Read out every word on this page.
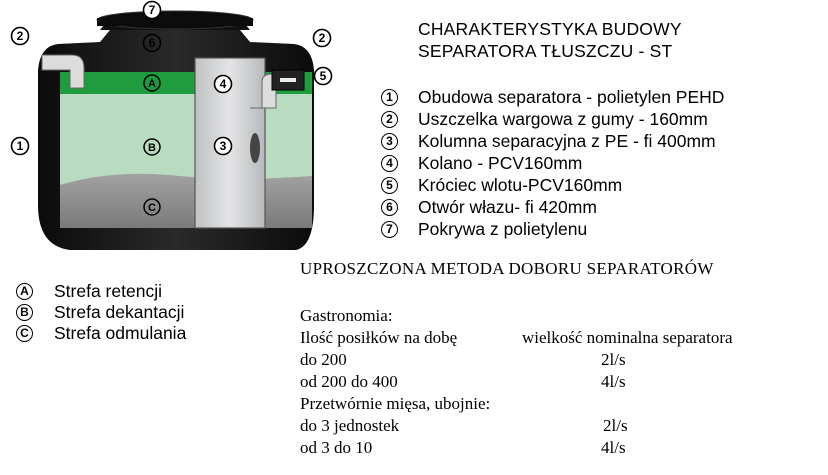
7
6
2	2
5
4
3
1
A
B
C
CHARAKTERYSTYKA BUDOWY
SEPARATORA TŁUSZCZU - ST
1 Obudowa separatora - polietylen PEHD
2 Uszczelka wargowa z gumy - 160mm
3 Kolumna separacyjna z PE - fi 400mm
4 Kolano - PCV160mm
5 Króciec wlotu-PCV160mm
6 Otwór włazu- fi 420mm
7 Pokrywa z polietylenu
A Strefa retencji
B Strefa dekantacji
C Strefa odmulania
UPROSZCZONA METODA DOBORU SEPARATORÓW
Gastronomia:
Ilość posiłków na dobę	wielkość nominalna separatora
do 200	2l/s
od 200 do 400	4l/s
Przetwórnie mięsa, ubojnie:
do 3 jednostek	2l/s
od 3 do 10	4l/s
